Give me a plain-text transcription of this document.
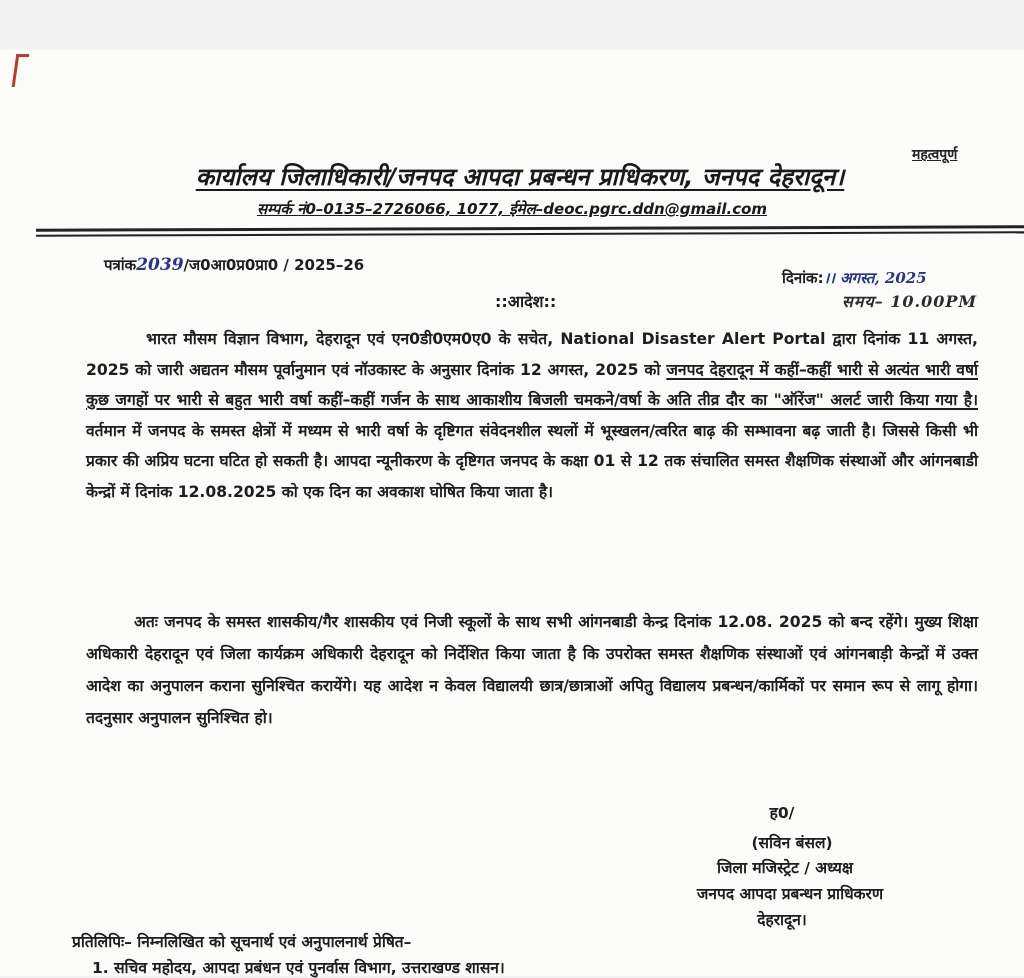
महत्वपूर्ण
कार्यालय जिलाधिकारी/जनपद आपदा प्रबन्धन प्राधिकरण, जनपद देहरादून।
सम्पर्क नं0–0135–2726066, 1077, ईमेल–deoc.pgrc.ddn@gmail.com
पत्रांक2039/ज0आ0प्र0प्रा0 / 2025–26
दिनांक:।। अगस्त, 2025
::आदेश::	समय– 10.00PM
भारत मौसम विज्ञान विभाग, देहरादून एवं एन0डी0एम0ए0 के सचेत, National Disaster Alert Portal द्वारा दिनांक 11 अगस्त, 2025 को जारी अद्यतन मौसम पूर्वानुमान एवं नॉउकास्ट के अनुसार दिनांक 12 अगस्त, 2025 को जनपद देहरादून में कहीं–कहीं भारी से अत्यंत भारी वर्षा कुछ जगहों पर भारी से बहुत भारी वर्षा कहीं–कहीं गर्जन के साथ आकाशीय बिजली चमकने/वर्षा के अति तीव्र दौर का "ऑरेंज" अलर्ट जारी किया गया है। वर्तमान में जनपद के समस्त क्षेत्रों में मध्यम से भारी वर्षा के दृष्टिगत संवेदनशील स्थलों में भूस्खलन/त्वरित बाढ़ की सम्भावना बढ़ जाती है। जिससे किसी भी प्रकार की अप्रिय घटना घटित हो सकती है। आपदा न्यूनीकरण के दृष्टिगत जनपद के कक्षा 01 से 12 तक संचालित समस्त शैक्षणिक संस्थाओं और आंगनबाडी केन्द्रों में दिनांक 12.08.2025 को एक दिन का अवकाश घोषित किया जाता है।
अतः जनपद के समस्त शासकीय/गैर शासकीय एवं निजी स्कूलों के साथ सभी आंगनबाडी केन्द्र दिनांक 12.08. 2025 को बन्द रहेंगे। मुख्य शिक्षा अधिकारी देहरादून एवं जिला कार्यक्रम अधिकारी देहरादून को निर्देशित किया जाता है कि उपरोक्त समस्त शैक्षणिक संस्थाओं एवं आंगनबाड़ी केन्द्रों में उक्त आदेश का अनुपालन कराना सुनिश्चित करायेंगे। यह आदेश न केवल विद्यालयी छात्र/छात्राओं अपितु विद्यालय प्रबन्धन/कार्मिकों पर समान रूप से लागू होगा। तदनुसार अनुपालन सुनिश्चित हो।
ह0/
(सविन बंसल)
जिला मजिस्ट्रेट / अध्यक्ष
जनपद आपदा प्रबन्धन प्राधिकरण
देहरादून।
प्रतिलिपिः– निम्नलिखित को सूचनार्थ एवं अनुपालनार्थ प्रेषित–
1. सचिव महोदय, आपदा प्रबंधन एवं पुनर्वास विभाग, उत्तराखण्ड शासन।
